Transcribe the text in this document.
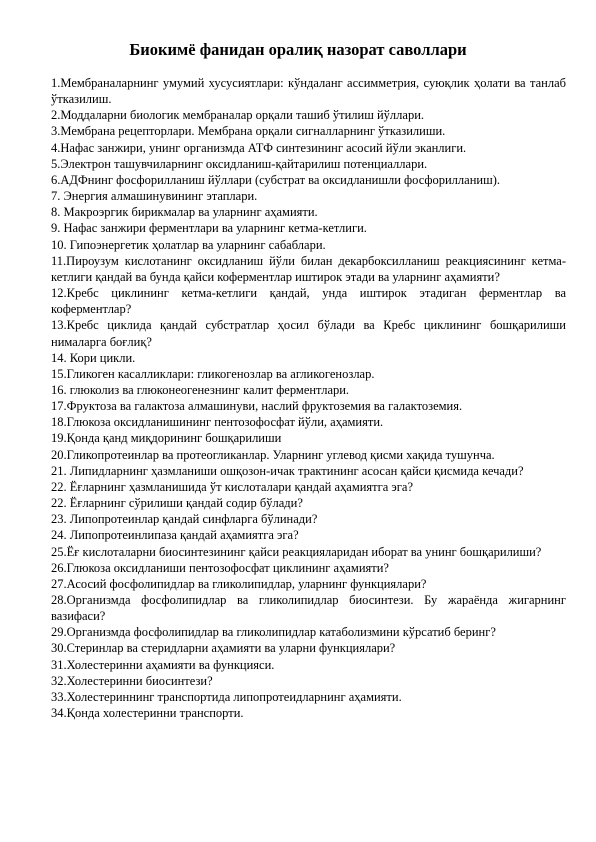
Биокимё фанидан оралиқ назорат саволлари

1.Мембраналарнинг умумий хусусиятлари: кўндаланг ассимметрия, суюқлик ҳолати ва танлаб ўтказилиш.

2.Моддаларни биологик мембраналар орқали ташиб ўтилиш йўллари.

3.Мембрана рецепторлари. Мембрана орқали сигналларнинг ўтказилиши.

4.Нафас занжири, унинг организмда АТФ синтезининг асосий йўли эканлиги.

5.Электрон ташувчиларнинг оксидланиш-қайтарилиш потенциаллари.

6.АДФнинг фосфорилланиш йўллари (субстрат ва оксидланишли фосфорилланиш).

7. Энергия алмашинувининг этаплари.

8. Макроэргик бирикмалар ва уларнинг аҳамияти.

9. Нафас занжири ферментлари ва уларнинг кетма-кетлиги.

10. Гипоэнергетик ҳолатлар ва уларнинг сабаблари.

11.Пироузум кислотанинг оксидланиш йўли билан декарбоксилланиш реакциясининг кетма-кетлиги қандай ва бунда қайси коферментлар иштирок этади ва уларнинг аҳамияти?

12.Кребс циклининг кетма-кетлиги қандай, унда иштирок этадиган ферментлар ва коферментлар?

13.Кребс циклида қандай субстратлар ҳосил бўлади ва Кребс циклининг бошқарилиши нималарга боғлиқ?

14. Кори цикли.

15.Гликоген касалликлари: гликогенозлар ва агликогенозлар.

16. глюколиз ва глюконеогенезнинг калит ферментлари.

17.Фруктоза ва галактоза алмашинуви, наслий фруктоземия ва галактоземия.

18.Глюкоза оксидланишининг пентозофосфат йўли, аҳамияти.

19.Қонда қанд миқдорининг бошқарилиши

20.Гликопротеинлар ва протеогликанлар. Уларнинг углевод қисми хақида тушунча.

21. Липидларнинг ҳазмланиши ошқозон-ичак трактининг асосан қайси қисмида кечади?

22. Ёғларнинг ҳазмланишида ўт кислоталари қандай аҳамиятга эга?

22. Ёғларнинг сўрилиши қандай содир бўлади?

23. Липопротеинлар қандай синфларга бўлинади?

24. Липопротеинлипаза қандай аҳамиятга эга?

25.Ёғ кислоталарни биосинтезининг қайси реакцияларидан иборат ва унинг бошқарилиши?

26.Глюкоза оксидланиши пентозофосфат циклининг аҳамияти?

27.Асосий фосфолипидлар ва гликолипидлар, уларнинг функциялари?

28.Организмда фосфолипидлар ва гликолипидлар биосинтези. Бу жараёнда жигарнинг вазифаси?

29.Организмда фосфолипидлар ва гликолипидлар катаболизмини кўрсатиб беринг?

30.Стеринлар ва стеридларни аҳамияти ва уларни функциялари?

31.Холестеринни аҳамияти ва функцияси.

32.Холестеринни биосинтези?

33.Холестериннинг транспортида липопротеидларнинг аҳамияти.

34.Қонда холестеринни транспорти.
